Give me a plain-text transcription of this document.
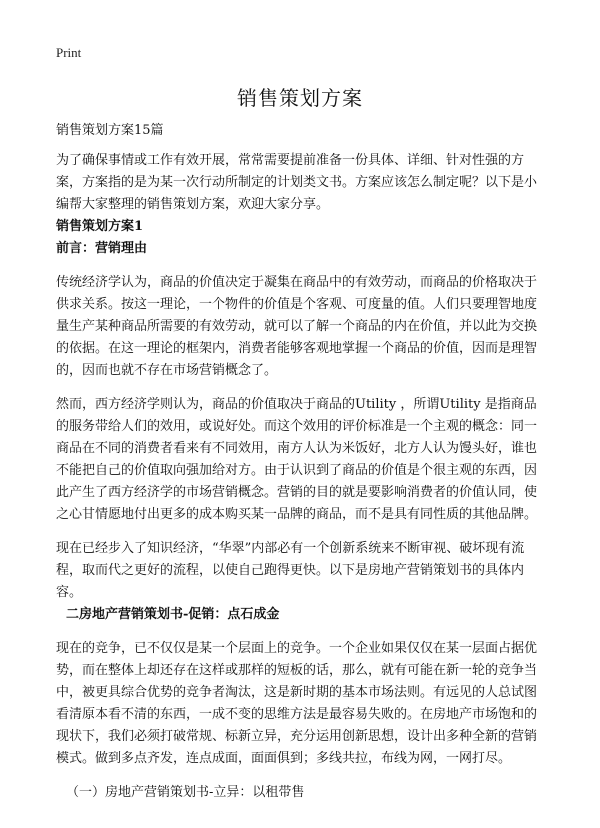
Print
销售策划方案

销售策划方案15篇

为了确保事情或工作有效开展，常常需要提前准备一份具体、详细、针对性强的方案，方案指的是为某一次行动所制定的计划类文书。方案应该怎么制定呢？以下是小编帮大家整理的销售策划方案，欢迎大家分享。

销售策划方案1

前言：营销理由

传统经济学认为，商品的价值决定于凝集在商品中的有效劳动，而商品的价格取决于供求关系。按这一理论，一个物件的价值是个客观、可度量的值。人们只要理智地度量生产某种商品所需要的有效劳动，就可以了解一个商品的内在价值，并以此为交换的依据。在这一理论的框架内，消费者能够客观地掌握一个商品的价值，因而是理智的，因而也就不存在市场营销概念了。

然而，西方经济学则认为，商品的价值取决于商品的Utility ，所谓Utility 是指商品的服务带给人们的效用，或说好处。而这个效用的评价标准是一个主观的概念：同一商品在不同的消费者看来有不同效用，南方人认为米饭好，北方人认为馒头好，谁也不能把自己的价值取向强加给对方。由于认识到了商品的价值是个很主观的东西，因此产生了西方经济学的市场营销概念。营销的目的就是要影响消费者的价值认同，使之心甘情愿地付出更多的成本购买某一品牌的商品，而不是具有同性质的其他品牌。

现在已经步入了知识经济，“华翠”内部必有一个创新系统来不断审视、破坏现有流程，取而代之更好的流程，以使自己跑得更快。以下是房地产营销策划书的具体内容。

二房地产营销策划书-促销：点石成金

现在的竞争，已不仅仅是某一个层面上的竞争。一个企业如果仅仅在某一层面占据优势，而在整体上却还存在这样或那样的短板的话，那么，就有可能在新一轮的竞争当中，被更具综合优势的竞争者淘汰，这是新时期的基本市场法则。有远见的人总试图看清原本看不清的东西，一成不变的思维方法是最容易失败的。在房地产市场饱和的现状下，我们必须打破常规、标新立异，充分运用创新思想，设计出多种全新的营销模式。做到多点齐发，连点成面，面面俱到；多线共拉，布线为网，一网打尽。

（一）房地产营销策划书-立异：以租带售
